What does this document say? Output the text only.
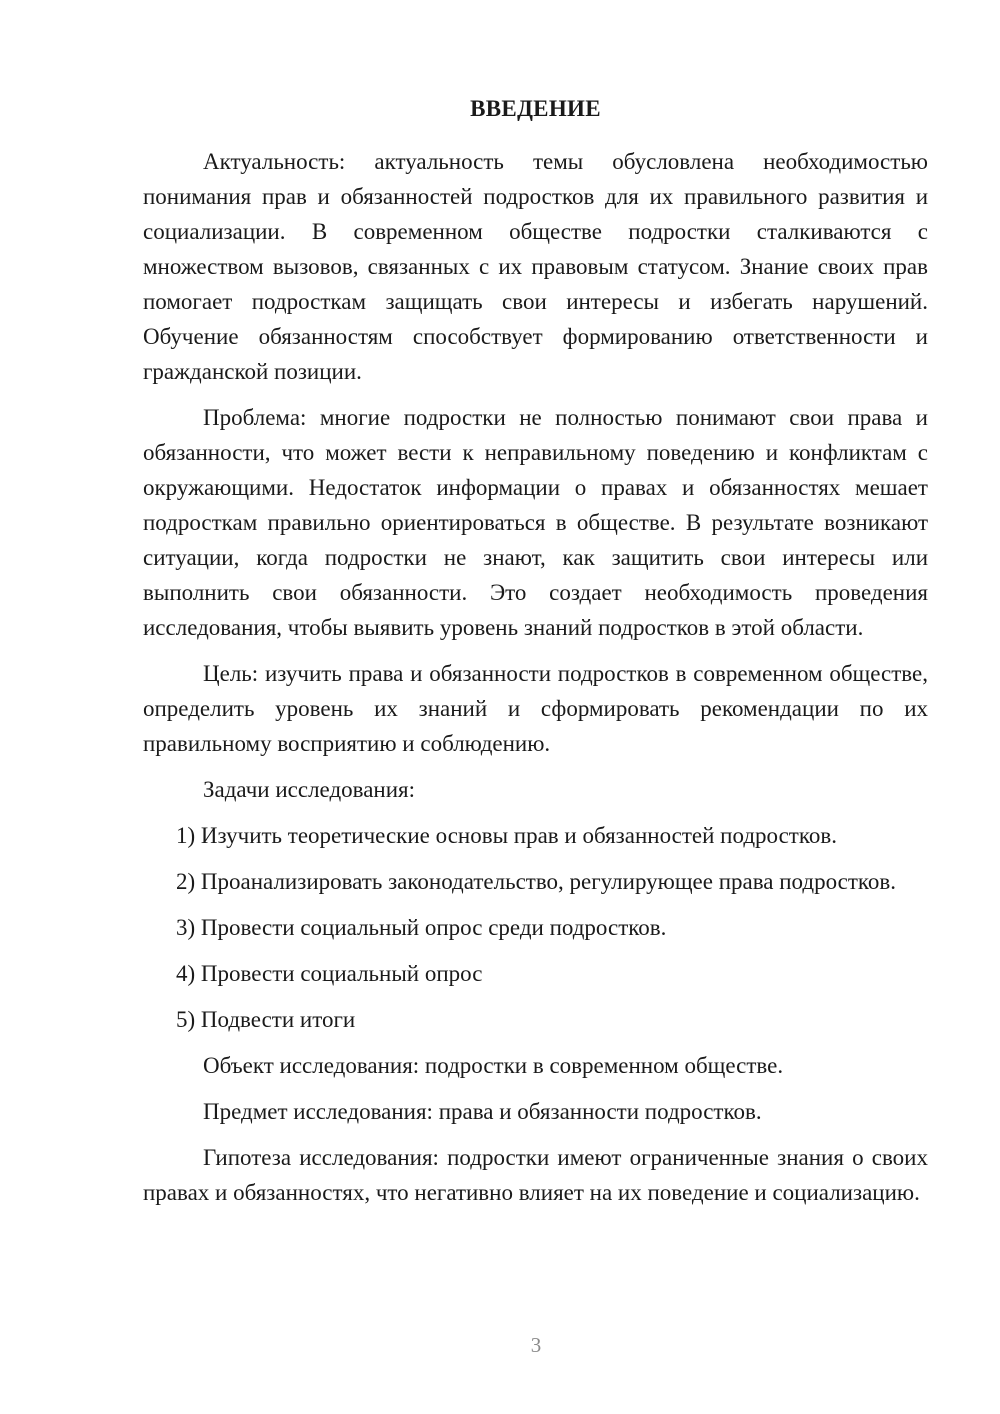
ВВЕДЕНИЕ

Актуальность: актуальность темы обусловлена необходимостью понимания прав и обязанностей подростков для их правильного развития и социализации. В современном обществе подростки сталкиваются с множеством вызовов, связанных с их правовым статусом. Знание своих прав помогает подросткам защищать свои интересы и избегать нарушений. Обучение обязанностям способствует формированию ответственности и гражданской позиции.

Проблема: многие подростки не полностью понимают свои права и обязанности, что может вести к неправильному поведению и конфликтам с окружающими. Недостаток информации о правах и обязанностях мешает подросткам правильно ориентироваться в обществе. В результате возникают ситуации, когда подростки не знают, как защитить свои интересы или выполнить свои обязанности. Это создает необходимость проведения исследования, чтобы выявить уровень знаний подростков в этой области.

Цель: изучить права и обязанности подростков в современном обществе, определить уровень их знаний и сформировать рекомендации по их правильному восприятию и соблюдению.

Задачи исследования:

1) Изучить теоретические основы прав и обязанностей подростков.

2) Проанализировать законодательство, регулирующее права подростков.

3) Провести социальный опрос среди подростков.

4) Провести социальный опрос

5) Подвести итоги

Объект исследования: подростки в современном обществе.

Предмет исследования: права и обязанности подростков.

Гипотеза исследования: подростки имеют ограниченные знания о своих правах и обязанностях, что негативно влияет на их поведение и социализацию.

3
